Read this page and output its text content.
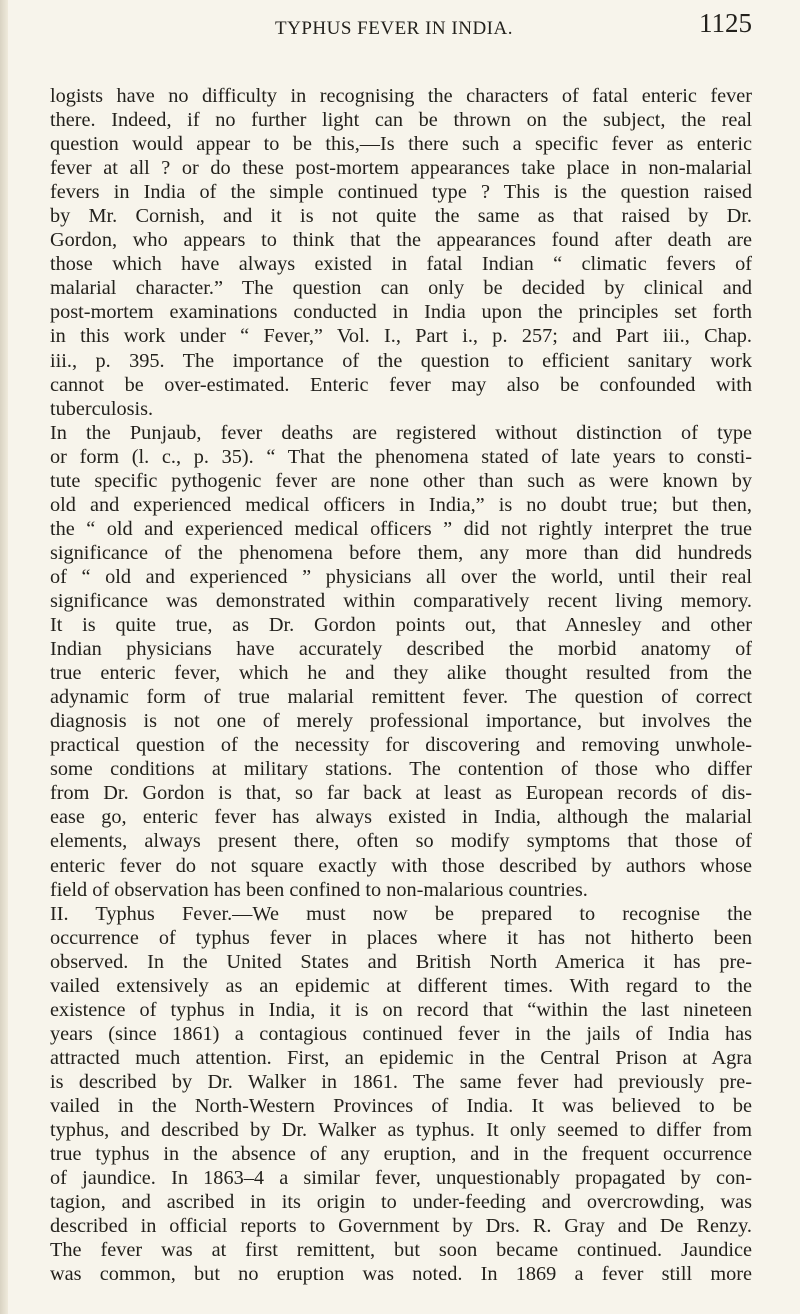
TYPHUS FEVER IN INDIA.	1125
logists have no difficulty in recognising the characters of fatal enteric fever
there. Indeed, if no further light can be thrown on the subject, the real
question would appear to be this,—Is there such a specific fever as enteric
fever at all ? or do these post-mortem appearances take place in non-malarial
fevers in India of the simple continued type ? This is the question raised
by Mr. Cornish, and it is not quite the same as that raised by Dr.
Gordon, who appears to think that the appearances found after death are
those which have always existed in fatal Indian “ climatic fevers of
malarial character.” The question can only be decided by clinical and
post-mortem examinations conducted in India upon the principles set forth
in this work under “ Fever,” Vol. I., Part i., p. 257; and Part iii., Chap.
iii., p. 395. The importance of the question to efficient sanitary work
cannot be over-estimated. Enteric fever may also be confounded with
tuberculosis.
In the Punjaub, fever deaths are registered without distinction of type
or form (l. c., p. 35). “ That the phenomena stated of late years to consti-
tute specific pythogenic fever are none other than such as were known by
old and experienced medical officers in India,” is no doubt true; but then,
the “ old and experienced medical officers ” did not rightly interpret the true
significance of the phenomena before them, any more than did hundreds
of “ old and experienced ” physicians all over the world, until their real
significance was demonstrated within comparatively recent living memory.
It is quite true, as Dr. Gordon points out, that Annesley and other
Indian physicians have accurately described the morbid anatomy of
true enteric fever, which he and they alike thought resulted from the
adynamic form of true malarial remittent fever. The question of correct
diagnosis is not one of merely professional importance, but involves the
practical question of the necessity for discovering and removing unwhole-
some conditions at military stations. The contention of those who differ
from Dr. Gordon is that, so far back at least as European records of dis-
ease go, enteric fever has always existed in India, although the malarial
elements, always present there, often so modify symptoms that those of
enteric fever do not square exactly with those described by authors whose
field of observation has been confined to non-malarious countries.
II. Typhus Fever.—We must now be prepared to recognise the
occurrence of typhus fever in places where it has not hitherto been
observed. In the United States and British North America it has pre-
vailed extensively as an epidemic at different times. With regard to the
existence of typhus in India, it is on record that “within the last nineteen
years (since 1861) a contagious continued fever in the jails of India has
attracted much attention. First, an epidemic in the Central Prison at Agra
is described by Dr. Walker in 1861. The same fever had previously pre-
vailed in the North-Western Provinces of India. It was believed to be
typhus, and described by Dr. Walker as typhus. It only seemed to differ from
true typhus in the absence of any eruption, and in the frequent occurrence
of jaundice. In 1863–4 a similar fever, unquestionably propagated by con-
tagion, and ascribed in its origin to under-feeding and overcrowding, was
described in official reports to Government by Drs. R. Gray and De Renzy.
The fever was at first remittent, but soon became continued. Jaundice
was common, but no eruption was noted. In 1869 a fever still more
